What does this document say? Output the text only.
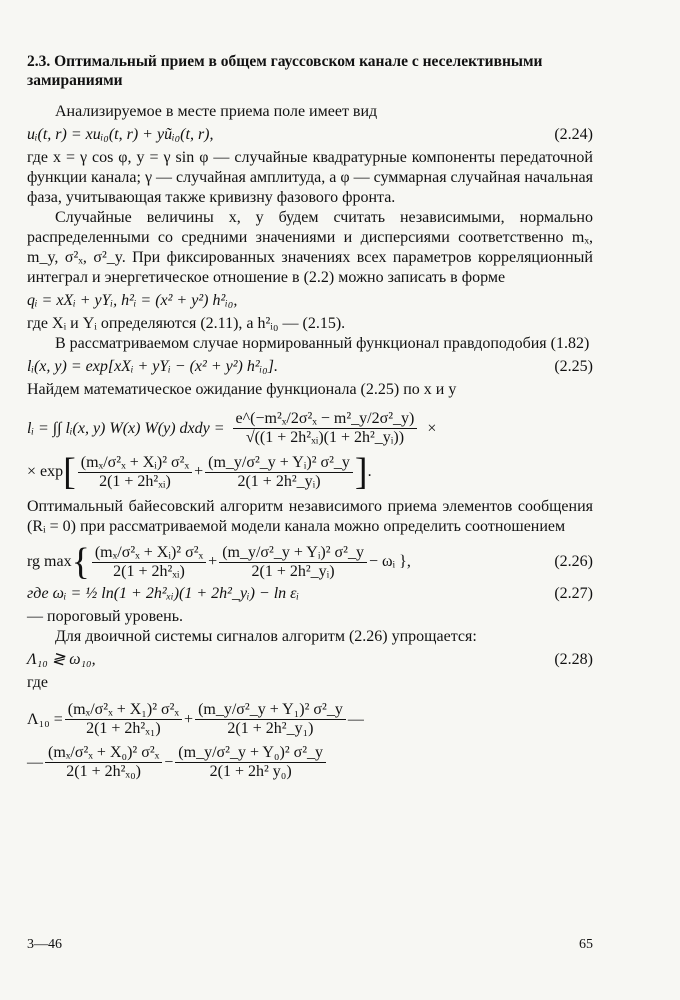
2.3. Оптимальный прием в общем гауссовском канале с неселективными замираниями

Анализируемое в месте приема поле имеет вид

uᵢ(t, r) = xuᵢ₀(t, r) + yũᵢ₀(t, r),	(2.24)

где x = γ cos φ, y = γ sin φ — случайные квадратурные компоненты передаточной функции канала; γ — случайная амплитуда, а φ — суммарная случайная начальная фаза, учитывающая также кривизну фазового фронта.

Случайные величины x, y будем считать независимыми, нормально распределенными со средними значениями и дисперсиями соответственно mₓ, m_y, σ²ₓ, σ²_y. При фиксированных значениях всех параметров корреляционный интеграл и энергетическое отношение в (2.2) можно записать в форме

qᵢ = xXᵢ + yYᵢ, h²ᵢ = (x² + y²) h²ᵢ₀,

где Xᵢ и Yᵢ определяются (2.11), а h²ᵢ₀ — (2.15).

В рассматриваемом случае нормированный функционал правдоподобия (1.82)

lᵢ(x, y) = exp[xXᵢ + yYᵢ − (x² + y²) h²ᵢ₀].	(2.25)

Найдем математическое ожидание функционала (2.25) по x и y

lᵢ = ∫∫ lᵢ(x, y) W(x) W(y) dxdy = $\frac{\text{e\textasciicircum{}(−m²ₓ/2σ²ₓ − m²\_y/2σ²\_y)}}{\text{√((1 + 2h²ₓᵢ)(1 + 2h²\_yᵢ))}}$ ×
× exp [ $\frac{\text{(mₓ/σ²ₓ + Xᵢ)² σ²ₓ}}{\text{2(1 + 2h²ₓᵢ)}} + \frac{\text{(m\_y/σ²\_y + Yᵢ)² σ²\_y}}{\text{2(1 + 2h²\_yᵢ)}}$ ] .

Оптимальный байесовский алгоритм независимого приема элементов сообщения (Rᵢ = 0) при рассматриваемой модели канала можно определить соотношением

rg max { $\frac{\text{(mₓ/σ²ₓ + Xᵢ)² σ²ₓ}}{\text{2(1 + 2h²ₓᵢ)}} + \frac{\text{(m\_y/σ²\_y + Yᵢ)² σ²\_y}}{\text{2(1 + 2h²\_yᵢ)}}$ − ωᵢ },	(2.26)
где ωᵢ = ½ ln(1 + 2h²ₓᵢ)(1 + 2h²_yᵢ) − ln εᵢ	(2.27)

— пороговый уровень.

Для двоичной системы сигналов алгоритм (2.26) упрощается:

Λ₁₀ ≷ ω₁₀,	(2.28)

где

$\Lambda_{10} = \frac{\text{(mₓ/σ²ₓ + X₁)² σ²ₓ}}{\text{2(1 + 2h²ₓ₁)}} + \frac{\text{(m\_y/σ²\_y + Y₁)² σ²\_y}}{\text{2(1 + 2h²\_y₁)}}$ —
— $\frac{\text{(mₓ/σ²ₓ + X₀)² σ²ₓ}}{\text{2(1 + 2h²ₓ₀)}} - \frac{\text{(m\_y/σ²\_y + Y₀)² σ²\_y}}{\text{2(1 + 2h² y₀)}}$
3—46	65
